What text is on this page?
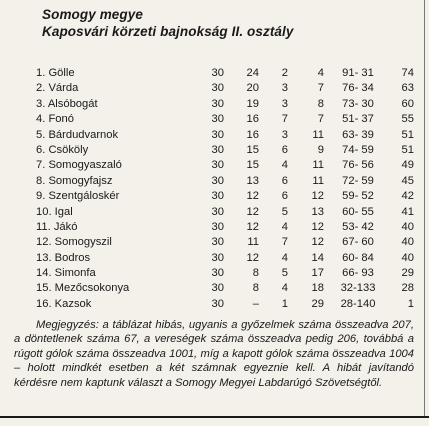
Somogy megye
Kaposvári körzeti bajnokság II. osztály
1. Gölle	30	24	2	4	91- 31	74
2. Várda	30	20	3	7	76- 34	63
3. Alsóbogát	30	19	3	8	73- 30	60
4. Fonó	30	16	7	7	51- 37	55
5. Bárdudvarnok	30	16	3	11	63- 39	51
6. Csököly	30	15	6	9	74- 59	51
7. Somogyaszaló	30	15	4	11	76- 56	49
8. Somogyfajsz	30	13	6	11	72- 59	45
9. Szentgáloskér	30	12	6	12	59- 52	42
10. Igal	30	12	5	13	60- 55	41
11. Jákó	30	12	4	12	53- 42	40
12. Somogyszil	30	11	7	12	67- 60	40
13. Bodros	30	12	4	14	60- 84	40
14. Simonfa	30	8	5	17	66- 93	29
15. Mezőcsokonya	30	8	4	18	32-133	28
16. Kazsok	30	–	1	29	28-140	1
Megjegyzés: a táblázat hibás, ugyanis a győzelmek száma összeadva 207, a döntetlenek száma 67, a vereségek száma összeadva pedig 206, továbbá a rúgott gólok száma összeadva 1001, míg a kapott gólok száma összeadva 1004 – holott mindkét esetben a két számnak egyeznie kell. A hibát javítandó kérdésre nem kaptunk választ a Somogy Megyei Labdarúgó Szövetségtől.
